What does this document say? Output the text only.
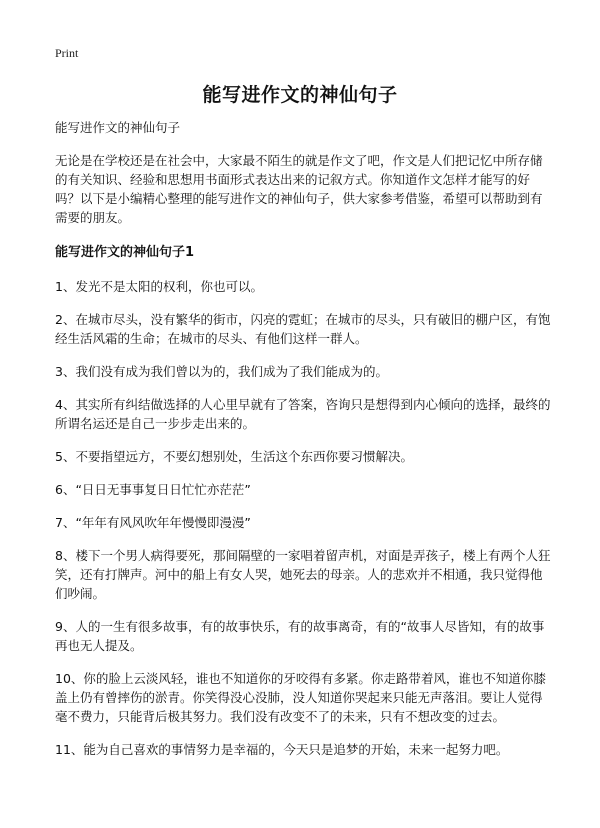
Print
能写进作文的神仙句子

能写进作文的神仙句子

无论是在学校还是在社会中，大家最不陌生的就是作文了吧，作文是人们把记忆中所存储的有关知识、经验和思想用书面形式表达出来的记叙方式。你知道作文怎样才能写的好吗？以下是小编精心整理的能写进作文的神仙句子，供大家参考借鉴，希望可以帮助到有需要的朋友。

能写进作文的神仙句子1

1、发光不是太阳的权利，你也可以。

2、在城市尽头，没有繁华的街市，闪亮的霓虹；在城市的尽头，只有破旧的棚户区，有饱经生活风霜的生命；在城市的尽头、有他们这样一群人。

3、我们没有成为我们曾以为的，我们成为了我们能成为的。

4、其实所有纠结做选择的人心里早就有了答案，咨询只是想得到内心倾向的选择，最终的所谓名运还是自己一步步走出来的。

5、不要指望远方，不要幻想别处，生活这个东西你要习惯解决。

6、“日日无事事复日日忙忙亦茫茫”

7、“年年有风风吹年年慢慢即漫漫”

8、楼下一个男人病得要死，那间隔壁的一家唱着留声机，对面是弄孩子，楼上有两个人狂笑，还有打牌声。河中的船上有女人哭，她死去的母亲。人的悲欢并不相通，我只觉得他们吵闹。

9、人的一生有很多故事，有的故事快乐，有的故事离奇，有的“故事人尽皆知，有的故事再也无人提及。

10、你的脸上云淡风轻，谁也不知道你的牙咬得有多紧。你走路带着风，谁也不知道你膝盖上仍有曾摔伤的淤青。你笑得没心没肺，没人知道你哭起来只能无声落泪。要让人觉得毫不费力，只能背后极其努力。我们没有改变不了的未来，只有不想改变的过去。

11、能为自己喜欢的事情努力是幸福的，今天只是追梦的开始，未来一起努力吧。
